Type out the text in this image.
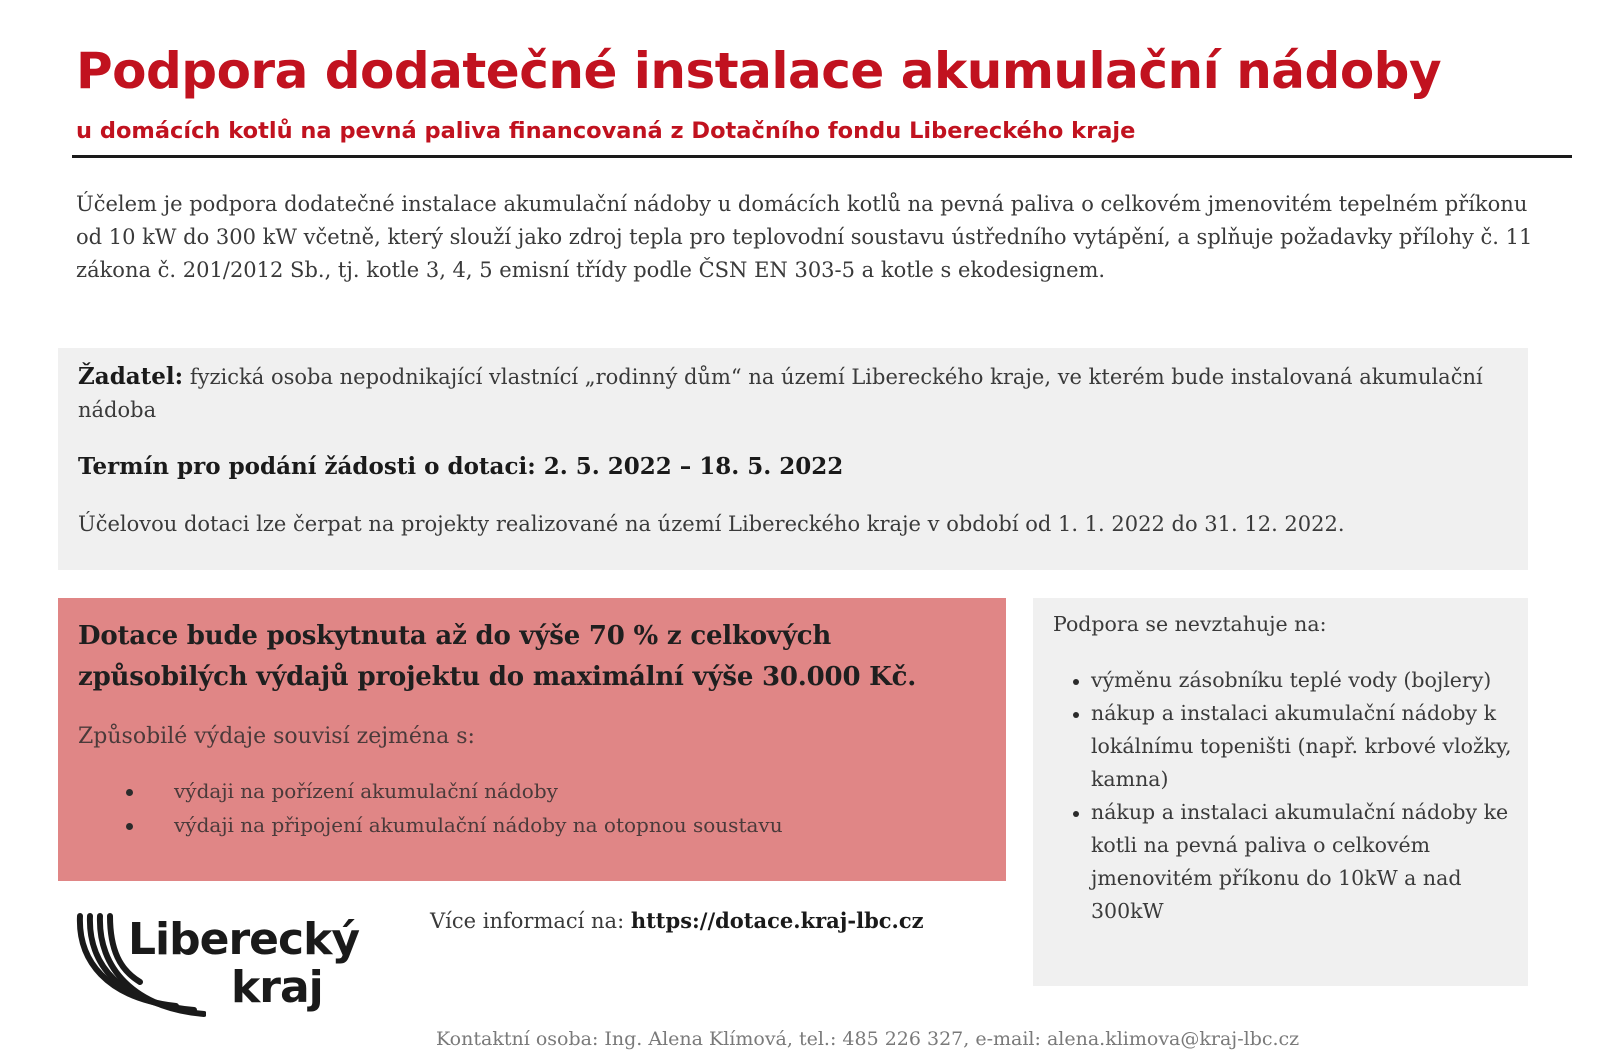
Podpora dodatečné instalace akumulační nádoby
u domácích kotlů na pevná paliva financovaná z Dotačního fondu Libereckého kraje

Účelem je podpora dodatečné instalace akumulační nádoby u domácích kotlů na pevná paliva o celkovém jmenovitém tepelném příkonu od 10 kW do 300 kW včetně, který slouží jako zdroj tepla pro teplovodní soustavu ústředního vytápění, a splňuje požadavky přílohy č. 11 zákona č. 201/2012 Sb., tj. kotle 3, 4, 5 emisní třídy podle ČSN EN 303-5 a kotle s ekodesignem.

Žadatel: fyzická osoba nepodnikající vlastnící „rodinný dům“ na území Libereckého kraje, ve kterém bude instalovaná akumulační nádoba

Termín pro podání žádosti o dotaci: 2. 5. 2022 – 18. 5. 2022
Účelovou dotaci lze čerpat na projekty realizované na území Libereckého kraje v období od 1. 1. 2022 do 31. 12. 2022.
Dotace bude poskytnuta až do výše 70 % z celkových způsobilých výdajů projektu do maximální výše 30.000 Kč.
Způsobilé výdaje souvisí zejména s:
výdaji na pořízení akumulační nádoby
výdaji na připojení akumulační nádoby na otopnou soustavu
Podpora se nevztahuje na:
výměnu zásobníku teplé vody (bojlery)
nákup a instalaci akumulační nádoby k lokálnímu topeništi (např. krbové vložky, kamna)
nákup a instalaci akumulační nádoby ke kotli na pevná paliva o celkovém jmenovitém příkonu do 10kW a nad 300kW
Liberecký
kraj
Více informací na: https://dotace.kraj-lbc.cz
Kontaktní osoba: Ing. Alena Klímová, tel.: 485 226 327, e-mail: alena.klimova@kraj-lbc.cz
